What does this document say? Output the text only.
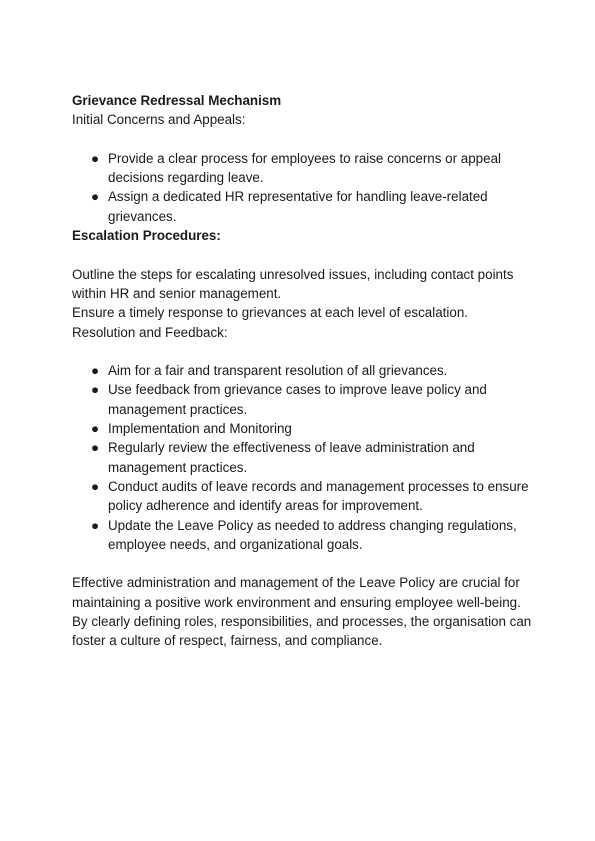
Grievance Redressal Mechanism

Initial Concerns and Appeals:

● Provide a clear process for employees to raise concerns or appeal decisions regarding leave.
● Assign a dedicated HR representative for handling leave-related grievances.

Escalation Procedures:

Outline the steps for escalating unresolved issues, including contact points within HR and senior management.

Ensure a timely response to grievances at each level of escalation.

Resolution and Feedback:

● Aim for a fair and transparent resolution of all grievances.
● Use feedback from grievance cases to improve leave policy and management practices.
● Implementation and Monitoring
● Regularly review the effectiveness of leave administration and management practices.
● Conduct audits of leave records and management processes to ensure policy adherence and identify areas for improvement.
● Update the Leave Policy as needed to address changing regulations, employee needs, and organizational goals.

Effective administration and management of the Leave Policy are crucial for maintaining a positive work environment and ensuring employee well-being. By clearly defining roles, responsibilities, and processes, the organisation can foster a culture of respect, fairness, and compliance.
